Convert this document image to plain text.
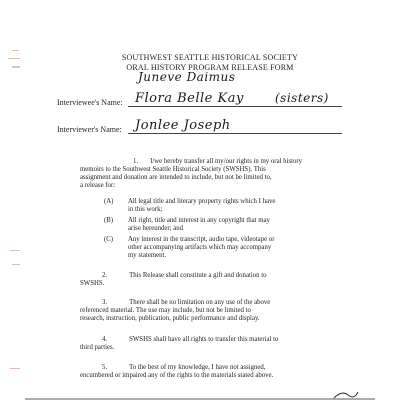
SOUTHWEST SEATTLE HISTORICAL SOCIETY
ORAL HISTORY PROGRAM RELEASE FORM
Juneve Daimus
Interviewee's Name: Flora Belle Kay	(sisters)
Interviewer's Name: Jonlee Joseph
1. I/we hereby transfer all my/our rights in my oral history
memoirs to the Southwest Seattle Historical Society (SWSHS). This
assignment and donation are intended to include, but not be limited to,
a release for:
(A) All legal title and literary property rights which I have
in this work;
(B) All right, title and interest in any copyright that may
arise hereunder; and
(C) Any interest in the transcript, audio tape, videotape or
other accompanying artifacts which may accompany
my statement.
2.	This Release shall constitute a gift and donation to
SWSHS.
3.	There shall be no limitation on any use of the above
referenced material. The use may include, but not be limited to
research, instruction, publication, public performance and display.
4.	SWSHS shall have all rights to transfer this material to
third parties.
5.	To the best of my knowledge, I have not assigned,
encumbered or impaired any of the rights to the materials stated above.
